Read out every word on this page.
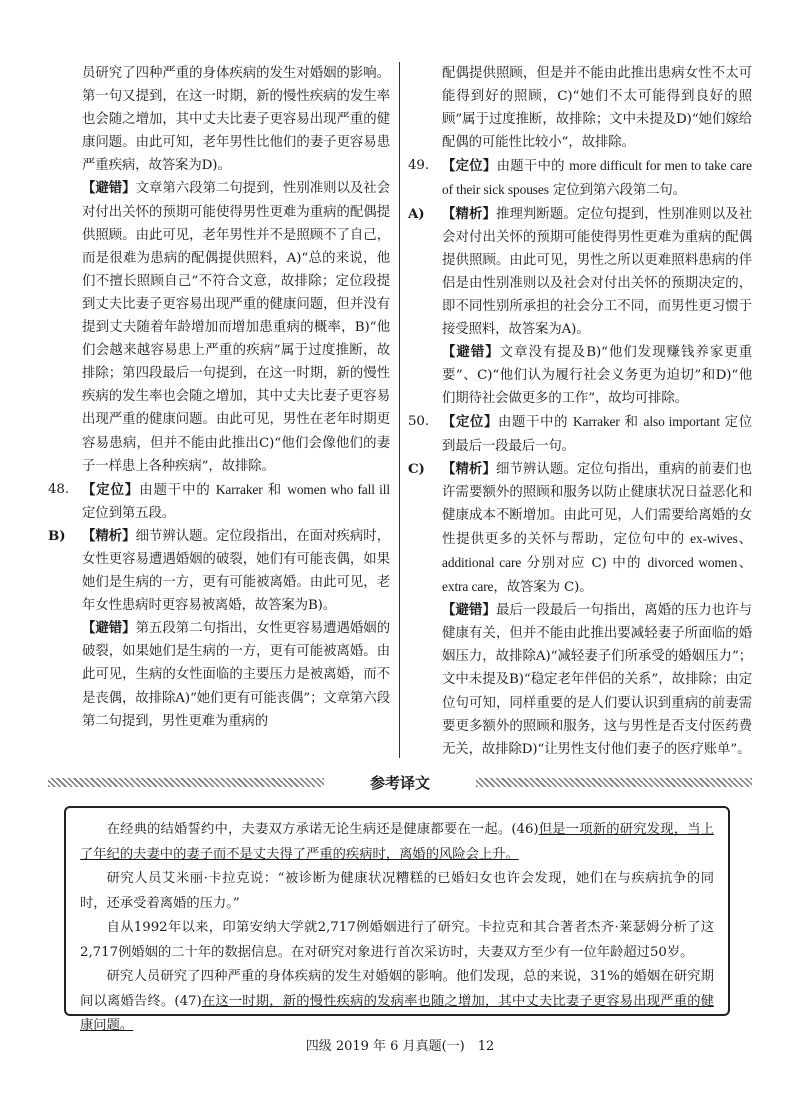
员研究了四种严重的身体疾病的发生对婚姻的影响。第一句又提到，在这一时期，新的慢性疾病的发生率也会随之增加，其中丈夫比妻子更容易出现严重的健康问题。由此可知，老年男性比他们的妻子更容易患严重疾病，故答案为D)。

【避错】文章第六段第二句提到，性别准则以及社会对付出关怀的预期可能使得男性更难为重病的配偶提供照顾。由此可见，老年男性并不是照顾不了自己，而是很难为患病的配偶提供照料，A)“总的来说，他们不擅长照顾自己”不符合文意，故排除；定位段提到丈夫比妻子更容易出现严重的健康问题，但并没有提到丈夫随着年龄增加而增加患重病的概率，B)“他们会越来越容易患上严重的疾病”属于过度推断，故排除；第四段最后一句提到，在这一时期，新的慢性疾病的发生率也会随之增加，其中丈夫比妻子更容易出现严重的健康问题。由此可见，男性在老年时期更容易患病，但并不能由此推出C)“他们会像他们的妻子一样患上各种疾病”，故排除。

48. 【定位】由题干中的 Karraker 和 women who fall ill 定位到第五段。
B) 【精析】细节辨认题。定位段指出，在面对疾病时，女性更容易遭遇婚姻的破裂，她们有可能丧偶，如果她们是生病的一方，更有可能被离婚。由此可见，老年女性患病时更容易被离婚，故答案为B)。

【避错】第五段第二句指出，女性更容易遭遇婚姻的破裂，如果她们是生病的一方，更有可能被离婚。由此可见，生病的女性面临的主要压力是被离婚，而不是丧偶，故排除A)“她们更有可能丧偶”；文章第六段第二句提到，男性更难为重病的

配偶提供照顾，但是并不能由此推出患病女性不太可能得到好的照顾，C)“她们不太可能得到良好的照顾”属于过度推断，故排除；文中未提及D)“她们嫁给配偶的可能性比较小”，故排除。

49. 【定位】由题干中的 more difficult for men to take care of their sick spouses 定位到第六段第二句。
A) 【精析】推理判断题。定位句提到，性别准则以及社会对付出关怀的预期可能使得男性更难为重病的配偶提供照顾。由此可见，男性之所以更难照料患病的伴侣是由性别准则以及社会对付出关怀的预期决定的，即不同性别所承担的社会分工不同，而男性更习惯于接受照料，故答案为A)。

【避错】文章没有提及B)“他们发现赚钱养家更重要”、C)“他们认为履行社会义务更为迫切”和D)“他们期待社会做更多的工作”，故均可排除。

50. 【定位】由题干中的 Karraker 和 also important 定位到最后一段最后一句。
C) 【精析】细节辨认题。定位句指出，重病的前妻们也许需要额外的照顾和服务以防止健康状况日益恶化和健康成本不断增加。由此可见，人们需要给离婚的女性提供更多的关怀与帮助，定位句中的 ex-wives、additional care 分别对应 C) 中的 divorced women、extra care，故答案为 C)。

【避错】最后一段最后一句指出，离婚的压力也许与健康有关，但并不能由此推出要减轻妻子所面临的婚姻压力，故排除A)“减轻妻子们所承受的婚姻压力”；文中未提及B)“稳定老年伴侣的关系”，故排除；由定位句可知，同样重要的是人们要认识到重病的前妻需要更多额外的照顾和服务，这与男性是否支付医药费无关，故排除D)“让男性支付他们妻子的医疗账单”。

参考译文

在经典的结婚誓约中，夫妻双方承诺无论生病还是健康都要在一起。(46)但是一项新的研究发现，当上了年纪的夫妻中的妻子而不是丈夫得了严重的疾病时，离婚的风险会上升。

研究人员艾米丽·卡拉克说：“被诊断为健康状况糟糕的已婚妇女也许会发现，她们在与疾病抗争的同时，还承受着离婚的压力。”

自从1992年以来，印第安纳大学就2,717例婚姻进行了研究。卡拉克和其合著者杰齐·莱瑟姆分析了这2,717例婚姻的二十年的数据信息。在对研究对象进行首次采访时，夫妻双方至少有一位年龄超过50岁。

研究人员研究了四种严重的身体疾病的发生对婚姻的影响。他们发现，总的来说，31%的婚姻在研究期间以离婚告终。(47)在这一时期，新的慢性疾病的发病率也随之增加，其中丈夫比妻子更容易出现严重的健康问题。

四级 2019 年 6 月真题(一)　12
